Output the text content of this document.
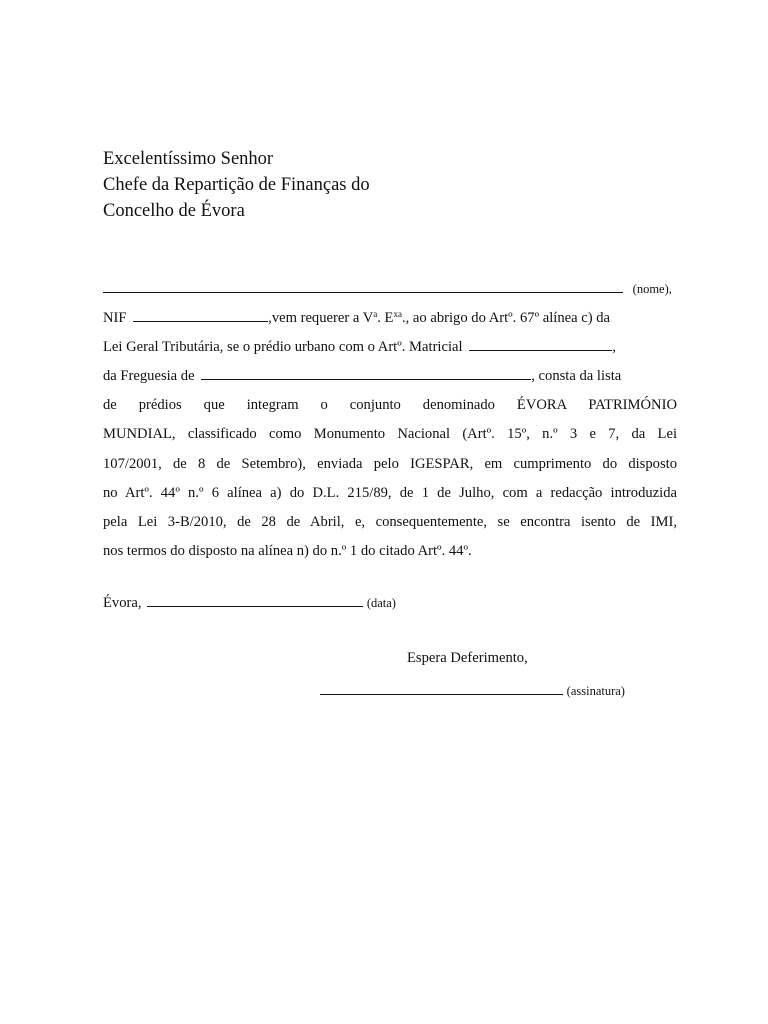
Excelentíssimo Senhor
Chefe da Repartição de Finanças do
Concelho de Évora
(nome),
NIF	,vem requerer a $V^a$. $E^{xa}$., ao abrigo do Artº. 67º alínea c) da
Lei Geral Tributária, se o prédio urbano com o Artº. Matricial	,
da Freguesia de	, consta da lista
de prédios que integram o conjunto denominado ÉVORA PATRIMÓNIO
MUNDIAL, classificado como Monumento Nacional (Artº. 15º, n.º 3 e 7, da Lei
107/2001, de 8 de Setembro), enviada pelo IGESPAR, em cumprimento do disposto
no Artº. 44º n.º 6 alínea a) do D.L. 215/89, de 1 de Julho, com a redacção introduzida
pela Lei 3-B/2010, de 28 de Abril, e, consequentemente, se encontra isento de IMI,
nos termos do disposto na alínea n) do n.º 1 do citado Artº. 44º.
Évora,	(data)
Espera Deferimento,
(assinatura)
